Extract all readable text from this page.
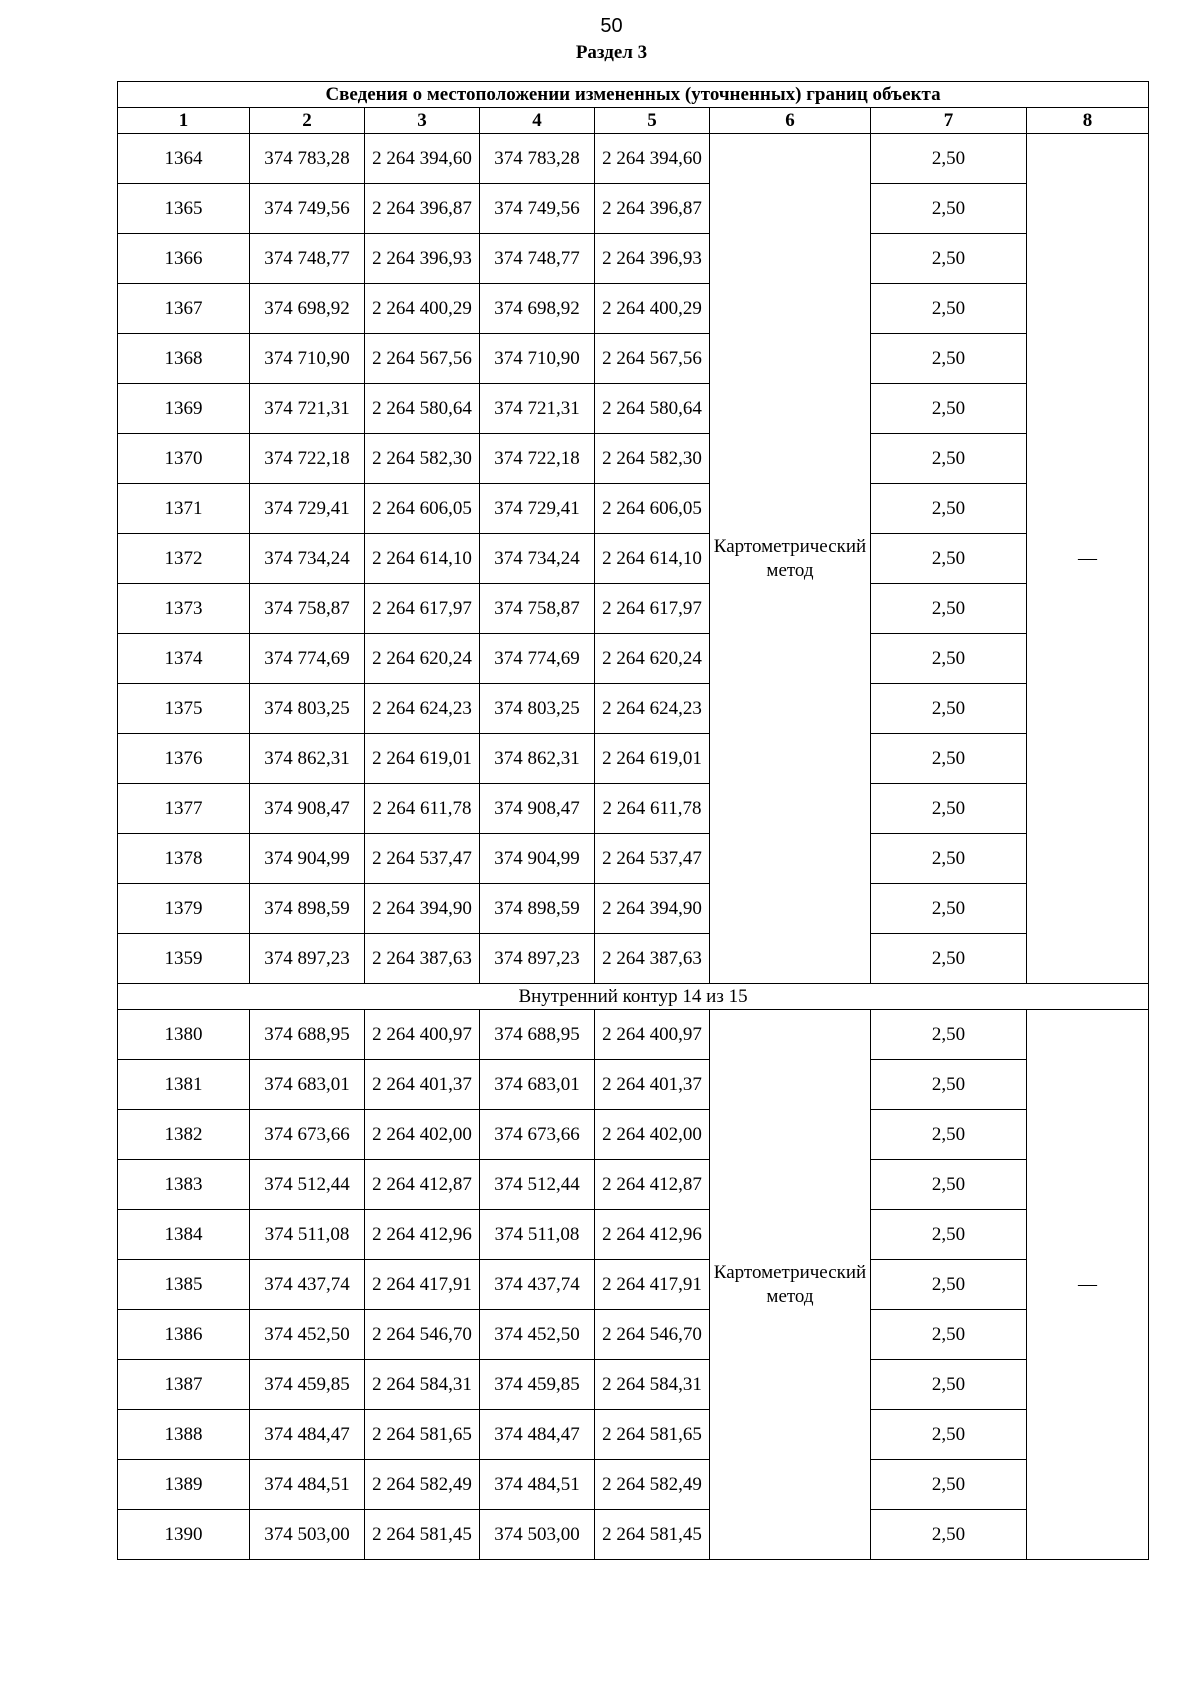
50
Раздел 3
Сведения о местоположении измененных (уточненных) границ объекта							
1	2	3	4	5	6	7	8
1364	374 783,28	2 264 394,60	374 783,28	2 264 394,60	Картометрический метод	2,50	—
1365	374 749,56	2 264 396,87	374 749,56	2 264 396,87		2,50	
1366	374 748,77	2 264 396,93	374 748,77	2 264 396,93		2,50	
1367	374 698,92	2 264 400,29	374 698,92	2 264 400,29		2,50	
1368	374 710,90	2 264 567,56	374 710,90	2 264 567,56		2,50	
1369	374 721,31	2 264 580,64	374 721,31	2 264 580,64		2,50	
1370	374 722,18	2 264 582,30	374 722,18	2 264 582,30		2,50	
1371	374 729,41	2 264 606,05	374 729,41	2 264 606,05		2,50	
1372	374 734,24	2 264 614,10	374 734,24	2 264 614,10		2,50	
1373	374 758,87	2 264 617,97	374 758,87	2 264 617,97		2,50	
1374	374 774,69	2 264 620,24	374 774,69	2 264 620,24		2,50	
1375	374 803,25	2 264 624,23	374 803,25	2 264 624,23		2,50	
1376	374 862,31	2 264 619,01	374 862,31	2 264 619,01		2,50	
1377	374 908,47	2 264 611,78	374 908,47	2 264 611,78		2,50	
1378	374 904,99	2 264 537,47	374 904,99	2 264 537,47		2,50	
1379	374 898,59	2 264 394,90	374 898,59	2 264 394,90		2,50	
1359	374 897,23	2 264 387,63	374 897,23	2 264 387,63		2,50	
Внутренний контур 14 из 15							
1380	374 688,95	2 264 400,97	374 688,95	2 264 400,97	Картометрический метод	2,50	—
1381	374 683,01	2 264 401,37	374 683,01	2 264 401,37		2,50	
1382	374 673,66	2 264 402,00	374 673,66	2 264 402,00		2,50	
1383	374 512,44	2 264 412,87	374 512,44	2 264 412,87		2,50	
1384	374 511,08	2 264 412,96	374 511,08	2 264 412,96		2,50	
1385	374 437,74	2 264 417,91	374 437,74	2 264 417,91		2,50	
1386	374 452,50	2 264 546,70	374 452,50	2 264 546,70		2,50	
1387	374 459,85	2 264 584,31	374 459,85	2 264 584,31		2,50	
1388	374 484,47	2 264 581,65	374 484,47	2 264 581,65		2,50	
1389	374 484,51	2 264 582,49	374 484,51	2 264 582,49		2,50	
1390	374 503,00	2 264 581,45	374 503,00	2 264 581,45		2,50	
